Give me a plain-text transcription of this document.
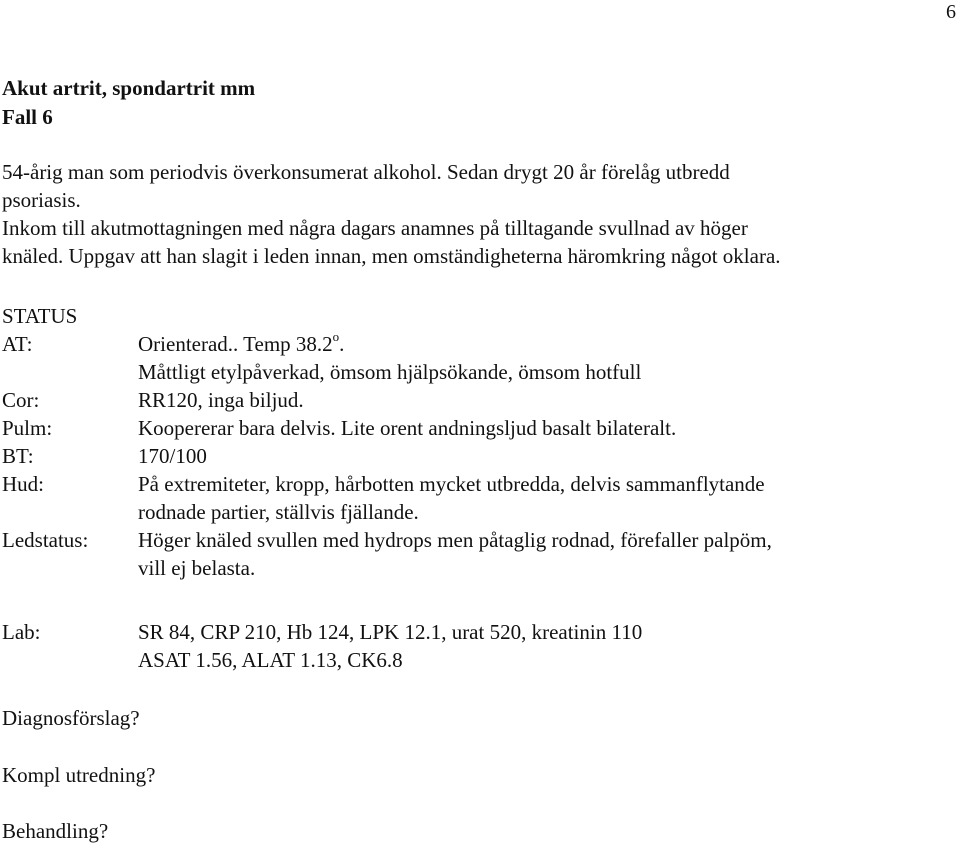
6
Akut artrit, spondartrit mm
Fall 6
54-årig man som periodvis överkonsumerat alkohol. Sedan drygt 20 år förelåg utbredd
psoriasis.
Inkom till akutmottagningen med några dagars anamnes på tilltagande svullnad av höger
knäled. Uppgav att han slagit i leden innan, men omständigheterna häromkring något oklara.
STATUS
AT:	Orienterad.. Temp 38.2$^o$.
Måttligt etylpåverkad, ömsom hjälpsökande, ömsom hotfull
Cor:	RR120, inga biljud.
Pulm:	Koopererar bara delvis. Lite orent andningsljud basalt bilateralt.
BT:	170/100
Hud:	På extremiteter, kropp, hårbotten mycket utbredda, delvis sammanflytande
rodnade partier, ställvis fjällande.
Ledstatus:	Höger knäled svullen med hydrops men påtaglig rodnad, förefaller palpöm,
vill ej belasta.
Lab:	SR 84, CRP 210, Hb 124, LPK 12.1, urat 520, kreatinin 110
ASAT 1.56, ALAT 1.13, CK6.8
Diagnosförslag?
Kompl utredning?
Behandling?
